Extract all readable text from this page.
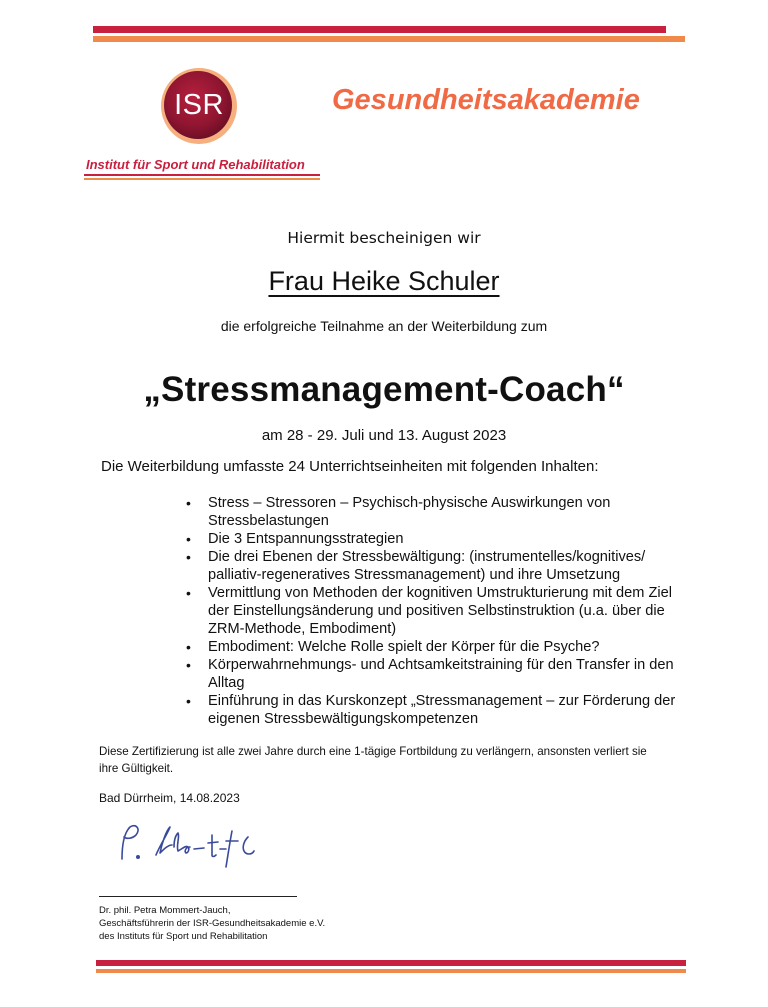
ISR	Gesundheitsakademie
Institut für Sport und Rehabilitation
Hiermit bescheinigen wir
Frau Heike Schuler
die erfolgreiche Teilnahme an der Weiterbildung zum
„Stressmanagement-Coach“
am 28 - 29. Juli und 13. August 2023
Die Weiterbildung umfasste 24 Unterrichtseinheiten mit folgenden Inhalten:
• Stress – Stressoren – Psychisch-physische Auswirkungen von Stressbelastungen
• Die 3 Entspannungsstrategien
• Die drei Ebenen der Stressbewältigung: (instrumentelles/kognitives/ palliativ-regeneratives Stressmanagement) und ihre Umsetzung
• Vermittlung von Methoden der kognitiven Umstrukturierung mit dem Ziel der Einstellungsänderung und positiven Selbstinstruktion (u.a. über die ZRM-Methode, Embodiment)
• Embodiment: Welche Rolle spielt der Körper für die Psyche?
• Körperwahrnehmungs- und Achtsamkeitstraining für den Transfer in den Alltag
• Einführung in das Kurskonzept „Stressmanagement – zur Förderung der eigenen Stressbewältigungskompetenzen
Diese Zertifizierung ist alle zwei Jahre durch eine 1-tägige Fortbildung zu verlängern, ansonsten verliert sie ihre Gültigkeit.
Bad Dürrheim, 14.08.2023
Dr. phil. Petra Mommert-Jauch,
Geschäftsführerin der ISR-Gesundheitsakademie e.V.
des Instituts für Sport und Rehabilitation
